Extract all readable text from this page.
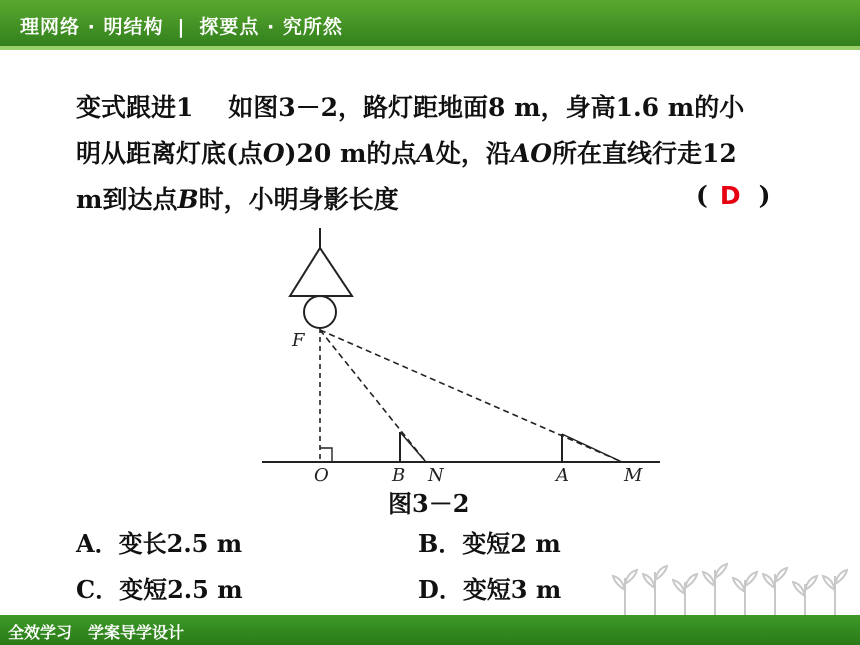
理网络 · 明结构 | 探要点 · 究所然
变式跟进1 如图3－2，路灯距地面8 m，身高1.6 m的小
明从距离灯底(点O)20 m的点A处，沿AO所在直线行走12
m到达点B时，小明身影长度	( D )
F
O	B N	A	M
图3－2
A．变长2.5 m	B．变短2 m
C．变短2.5 m	D．变短3 m
全效学习　学案导学设计
